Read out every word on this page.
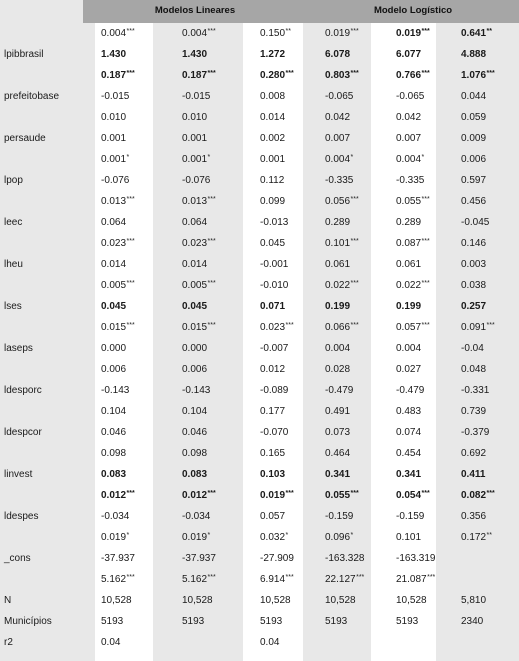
Modelos Lineares	Modelo Logístico
	0.004***	0.004***	0.150**	0.019***	0.019***	0.641**
lpibbrasil	1.430	1.430	1.272	6.078	6.077	4.888
	0.187***	0.187***	0.280***	0.803***	0.766***	1.076***
prefeitobase	-0.015	-0.015	0.008	-0.065	-0.065	0.044
	0.010	0.010	0.014	0.042	0.042	0.059
persaude	0.001	0.001	0.002	0.007	0.007	0.009
	0.001*	0.001*	0.001	0.004*	0.004*	0.006
lpop	-0.076	-0.076	0.112	-0.335	-0.335	0.597
	0.013***	0.013***	0.099	0.056***	0.055***	0.456
leec	0.064	0.064	-0.013	0.289	0.289	-0.045
	0.023***	0.023***	0.045	0.101***	0.087***	0.146
lheu	0.014	0.014	-0.001	0.061	0.061	0.003
	0.005***	0.005***	-0.010	0.022***	0.022***	0.038
lses	0.045	0.045	0.071	0.199	0.199	0.257
	0.015***	0.015***	0.023***	0.066***	0.057***	0.091***
laseps	0.000	0.000	-0.007	0.004	0.004	-0.04
	0.006	0.006	0.012	0.028	0.027	0.048
ldesporc	-0.143	-0.143	-0.089	-0.479	-0.479	-0.331
	0.104	0.104	0.177	0.491	0.483	0.739
ldespcor	0.046	0.046	-0.070	0.073	0.074	-0.379
	0.098	0.098	0.165	0.464	0.454	0.692
linvest	0.083	0.083	0.103	0.341	0.341	0.411
	0.012***	0.012***	0.019***	0.055***	0.054***	0.082***
ldespes	-0.034	-0.034	0.057	-0.159	-0.159	0.356
	0.019*	0.019*	0.032*	0.096*	0.101	0.172**
_cons	-37.937	-37.937	-27.909	-163.328	-163.319	
	5.162***	5.162***	6.914***	22.127***	21.087***	
N	10,528	10,528	10,528	10,528	10,528	5,810
Municípios	5193	5193	5193	5193	5193	2340
r2	0.04		0.04			
